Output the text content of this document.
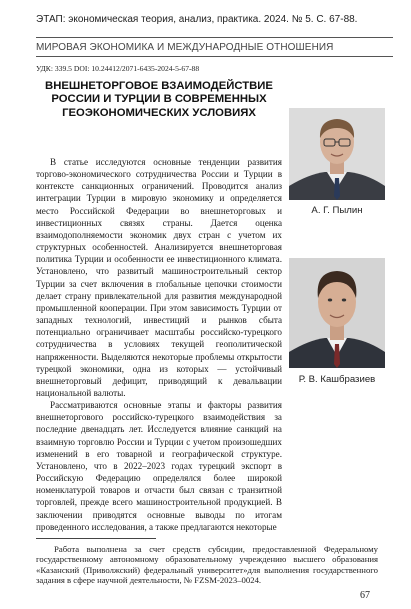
ЭТАП: экономическая теория, анализ, практика. 2024. № 5. С. 67-88.
МИРОВАЯ ЭКОНОМИКА И МЕЖДУНАРОДНЫЕ ОТНОШЕНИЯ
УДК: 339.5 DOI: 10.24412/2071-6435-2024-5-67-88
ВНЕШНЕТОРГОВОЕ ВЗАИМОДЕЙСТВИЕ
РОССИИ И ТУРЦИИ В СОВРЕМЕННЫХ
ГЕОЭКОНОМИЧЕСКИХ УСЛОВИЯХ

В статье исследуются основные тенденции развития торгово-экономического сотрудничества России и Турции в контексте санкционных ограничений. Проводится анализ интеграции Турции в мировую экономику и определяется место Российской Федерации во внешнеторговых и инвестиционных связях страны. Дается оценка взаимодополняемости экономик двух стран с учетом их структурных особенностей. Анализируется внешнеторговая политика Турции и особенности ее инвестиционного климата. Установлено, что развитый машиностроительный сектор Турции за счет включения в глобальные цепочки стоимости делает страну привлекательной для развития международной промышленной кооперации. При этом зависимость Турции от западных технологий, инвестиций и рынков сбыта потенциально ограничивает масштабы российско-турецкого сотрудничества в условиях текущей геополитической напряженности. Выделяются некоторые проблемы открытости турецкой экономики, одна из которых — устойчивый внешнеторговый дефицит, приводящий к девальвации национальной валюты.

Рассматриваются основные этапы и факторы развития внешнеторгового российско-турецкого взаимодействия за последние двенадцать лет. Исследуется влияние санкций на взаимную торговлю России и Турции с учетом произошедших изменений в его товарной и географической структуре. Установлено, что в 2022–2023 годах турецкий экспорт в Российскую Федерацию определялся более широкой номенклатурой товаров и отчасти был связан с транзитной торговлей, прежде всего машиностроительной продукцией. В заключении приводятся основные выводы по итогам проведенного исследования, а также предлагаются некоторые

А. Г. Пылин
Р. В. Кашбразиев

Работа выполнена за счет средств субсидии, предоставленной Федеральному государственному автономному образовательному учреждению высшего образования «Казанский (Приволжский) федеральный университет»для выполнения государственного задания в сфере научной деятельности, № FZSM-2023–0024.

67
